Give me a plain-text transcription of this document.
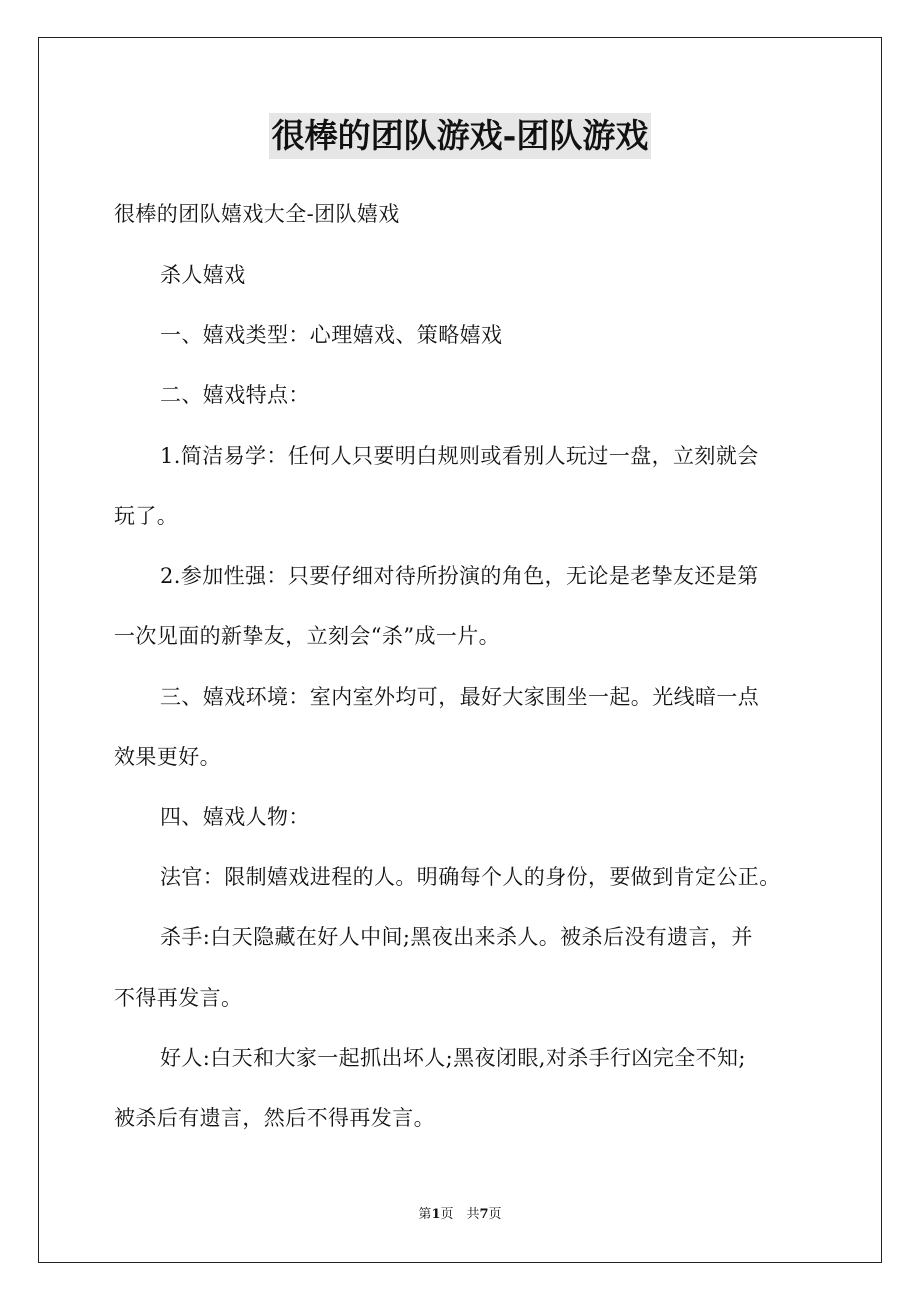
很棒的团队游戏-团队游戏
很棒的团队嬉戏大全-团队嬉戏
杀人嬉戏
一、嬉戏类型：心理嬉戏、策略嬉戏
二、嬉戏特点：
1.简洁易学：任何人只要明白规则或看别人玩过一盘，立刻就会
玩了。
2.参加性强：只要仔细对待所扮演的角色，无论是老挚友还是第
一次见面的新挚友，立刻会“杀”成一片。
三、嬉戏环境：室内室外均可，最好大家围坐一起。光线暗一点
效果更好。
四、嬉戏人物：
法官：限制嬉戏进程的人。明确每个人的身份，要做到肯定公正。
杀手:白天隐藏在好人中间;黑夜出来杀人。被杀后没有遗言，并
不得再发言。
好人:白天和大家一起抓出坏人;黑夜闭眼,对杀手行凶完全不知;
被杀后有遗言，然后不得再发言。
第1页　共7页
